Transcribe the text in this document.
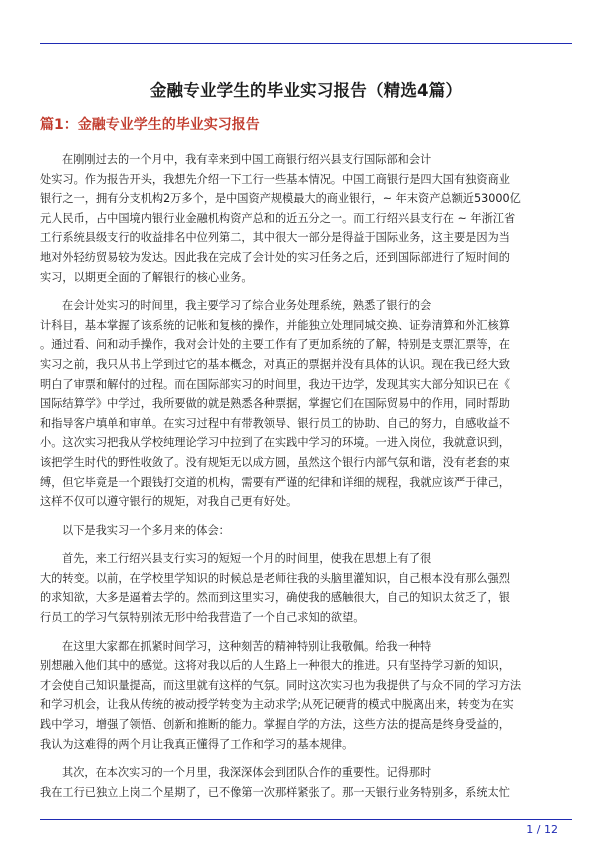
金融专业学生的毕业实习报告（精选4篇）
篇1：金融专业学生的毕业实习报告
在刚刚过去的一个月中，我有幸来到中国工商银行绍兴县支行国际部和会计
处实习。作为报告开头，我想先介绍一下工行一些基本情况。中国工商银行是四大国有独资商业
银行之一，拥有分支机构2万多个，是中国资产规模最大的商业银行，~ 年末资产总额近53000亿
元人民币，占中国境内银行业金融机构资产总和的近五分之一。而工行绍兴县支行在 ~ 年浙江省
工行系统县级支行的收益排名中位列第二，其中很大一部分是得益于国际业务，这主要是因为当
地对外轻纺贸易较为发达。因此我在完成了会计处的实习任务之后，还到国际部进行了短时间的
实习，以期更全面的了解银行的核心业务。
在会计处实习的时间里，我主要学习了综合业务处理系统，熟悉了银行的会
计科目，基本掌握了该系统的记帐和复核的操作，并能独立处理同城交换、证券清算和外汇核算
。通过看、问和动手操作，我对会计处的主要工作有了更加系统的了解，特别是支票汇票等，在
实习之前，我只从书上学到过它的基本概念，对真正的票据并没有具体的认识。现在我已经大致
明白了审票和解付的过程。而在国际部实习的时间里，我边干边学，发现其实大部分知识已在《
国际结算学》中学过，我所要做的就是熟悉各种票据，掌握它们在国际贸易中的作用，同时帮助
和指导客户填单和审单。在实习过程中有带教领导、银行员工的协助、自己的努力，自感收益不
小。这次实习把我从学校纯理论学习中拉到了在实践中学习的环境。一进入岗位，我就意识到，
该把学生时代的野性收敛了。没有规矩无以成方圆，虽然这个银行内部气氛和谐，没有老套的束
缚，但它毕竟是一个跟钱打交道的机构，需要有严谨的纪律和详细的规程，我就应该严于律己，
这样不仅可以遵守银行的规矩，对我自己更有好处。
以下是我实习一个多月来的体会：
首先，来工行绍兴县支行实习的短短一个月的时间里，使我在思想上有了很
大的转变。以前，在学校里学知识的时候总是老师往我的头脑里灌知识，自己根本没有那么强烈
的求知欲，大多是逼着去学的。然而到这里实习，确使我的感触很大，自己的知识太贫乏了，银
行员工的学习气氛特别浓无形中给我营造了一个自己求知的欲望。
在这里大家都在抓紧时间学习，这种刻苦的精神特别让我敬佩。给我一种特
别想融入他们其中的感觉。这将对我以后的人生路上一种很大的推进。只有坚持学习新的知识，
才会使自己知识量提高，而这里就有这样的气氛。同时这次实习也为我提供了与众不同的学习方法
和学习机会，让我从传统的被动授学转变为主动求学;从死记硬背的模式中脱离出来，转变为在实
践中学习，增强了领悟、创新和推断的能力。掌握自学的方法，这些方法的提高是终身受益的，
我认为这难得的两个月让我真正懂得了工作和学习的基本规律。
其次，在本次实习的一个月里，我深深体会到团队合作的重要性。记得那时
我在工行已独立上岗二个星期了，已不像第一次那样紧张了。那一天银行业务特别多，系统太忙
1 / 12
